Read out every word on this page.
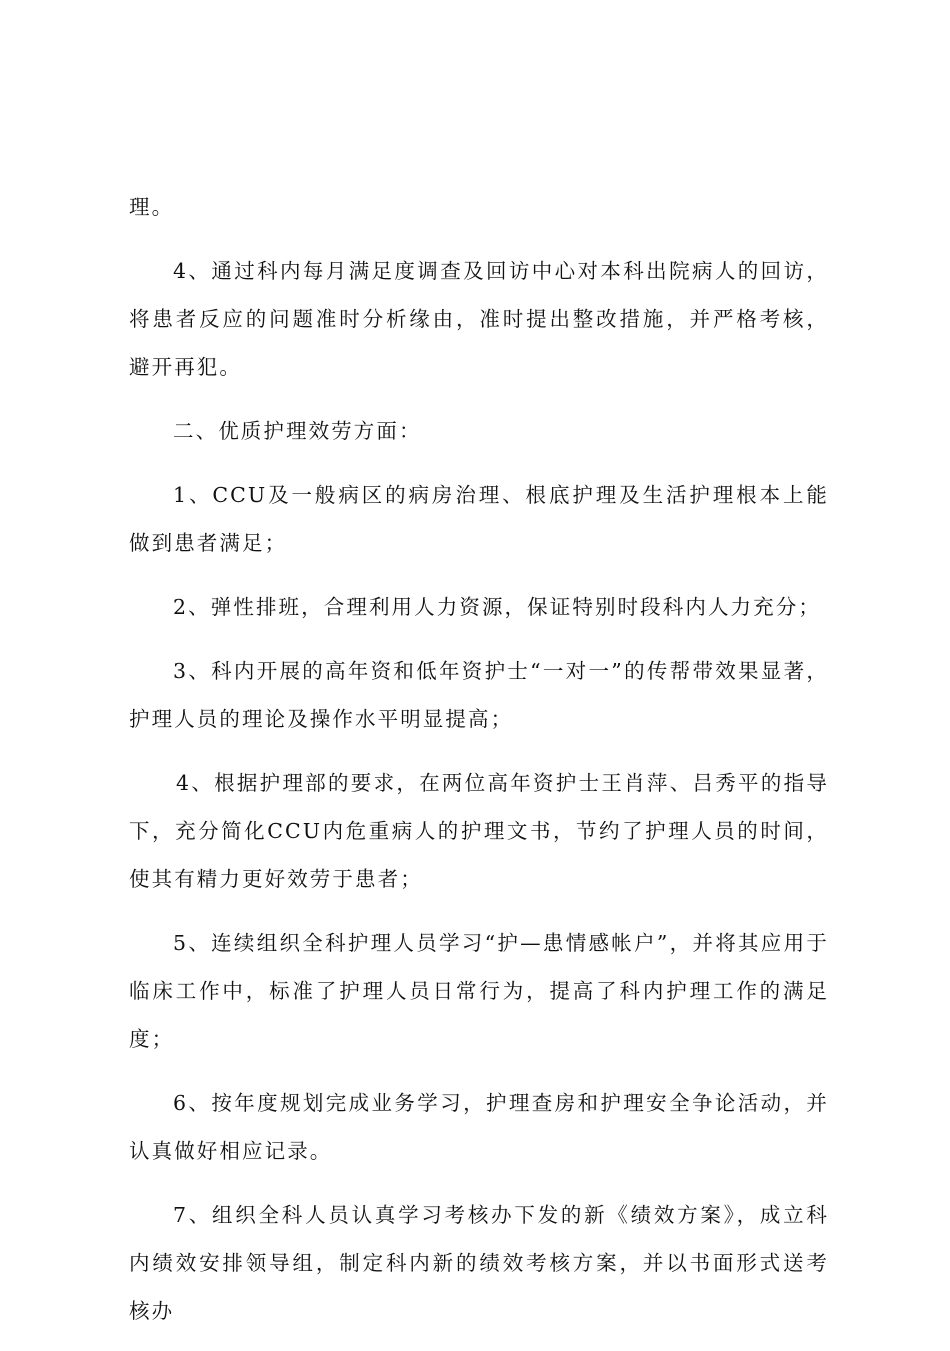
理。

4、通过科内每月满足度调查及回访中心对本科出院病人的回访，将患者反应的问题准时分析缘由，准时提出整改措施，并严格考核，避开再犯。

二、优质护理效劳方面：

1、CCU及一般病区的病房治理、根底护理及生活护理根本上能做到患者满足；

2、弹性排班，合理利用人力资源，保证特别时段科内人力充分；

3、科内开展的高年资和低年资护士“一对一”的传帮带效果显著，护理人员的理论及操作水平明显提高；

4、根据护理部的要求，在两位高年资护士王肖萍、吕秀平的指导下，充分简化CCU内危重病人的护理文书，节约了护理人员的时间，使其有精力更好效劳于患者；

5、连续组织全科护理人员学习“护—患情感帐户”，并将其应用于临床工作中，标准了护理人员日常行为，提高了科内护理工作的满足度；

6、按年度规划完成业务学习，护理查房和护理安全争论活动，并认真做好相应记录。

7、组织全科人员认真学习考核办下发的新《绩效方案》，成立科内绩效安排领导组，制定科内新的绩效考核方案，并以书面形式送考核办
